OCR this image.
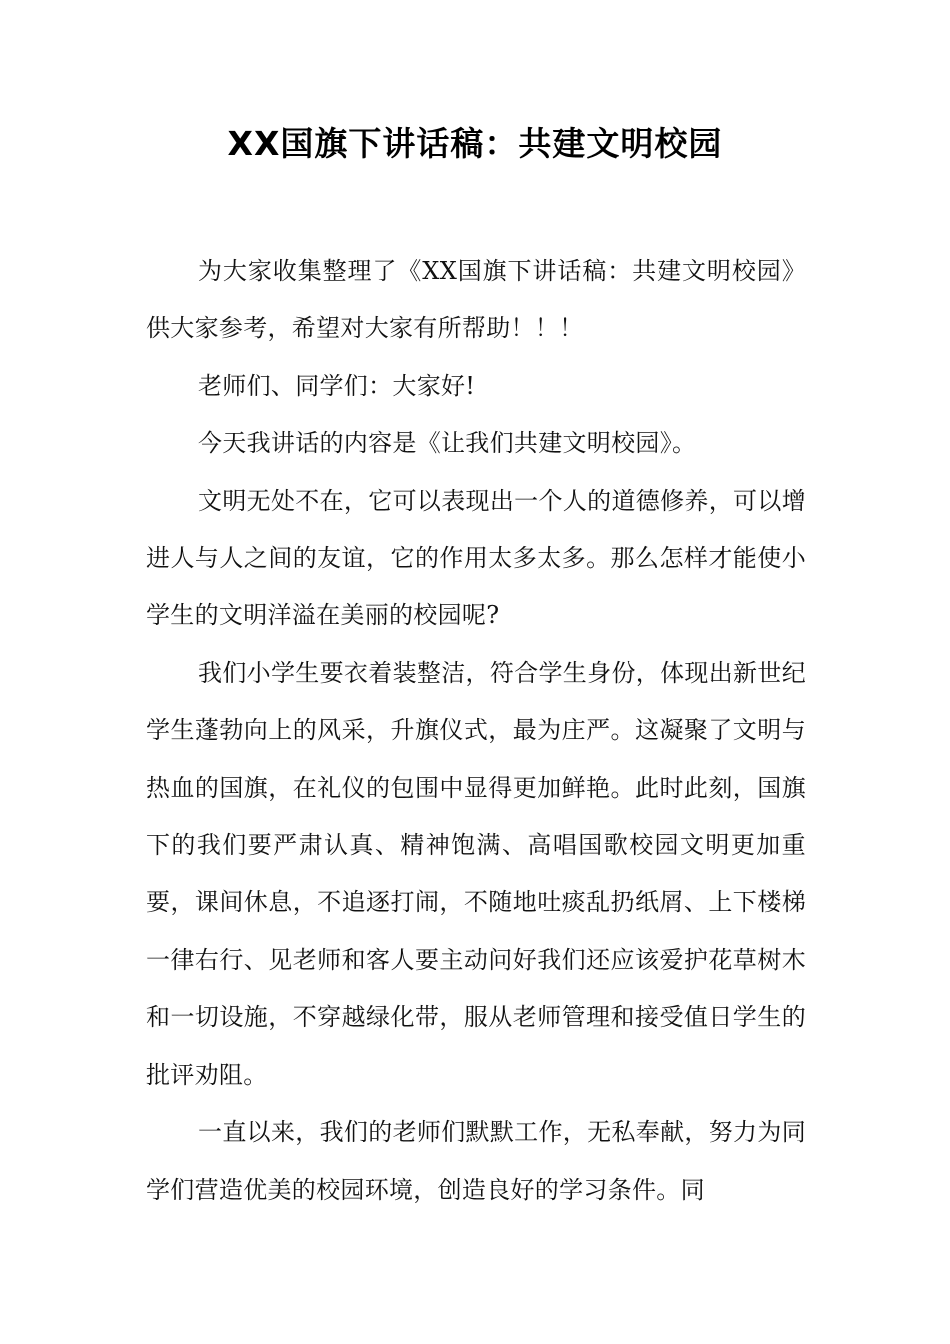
XX国旗下讲话稿：共建文明校园

为大家收集整理了《XX国旗下讲话稿：共建文明校园》供大家参考，希望对大家有所帮助！！！

老师们、同学们：大家好!

今天我讲话的内容是《让我们共建文明校园》。

文明无处不在，它可以表现出一个人的道德修养，可以增进人与人之间的友谊，它的作用太多太多。那么怎样才能使小学生的文明洋溢在美丽的校园呢?

我们小学生要衣着装整洁，符合学生身份，体现出新世纪学生蓬勃向上的风采，升旗仪式，最为庄严。这凝聚了文明与热血的国旗，在礼仪的包围中显得更加鲜艳。此时此刻，国旗下的我们要严肃认真、精神饱满、高唱国歌校园文明更加重要，课间休息，不追逐打闹，不随地吐痰乱扔纸屑、上下楼梯一律右行、见老师和客人要主动问好我们还应该爱护花草树木和一切设施，不穿越绿化带，服从老师管理和接受值日学生的批评劝阻。

一直以来，我们的老师们默默工作，无私奉献，努力为同学们营造优美的校园环境，创造良好的学习条件。同
